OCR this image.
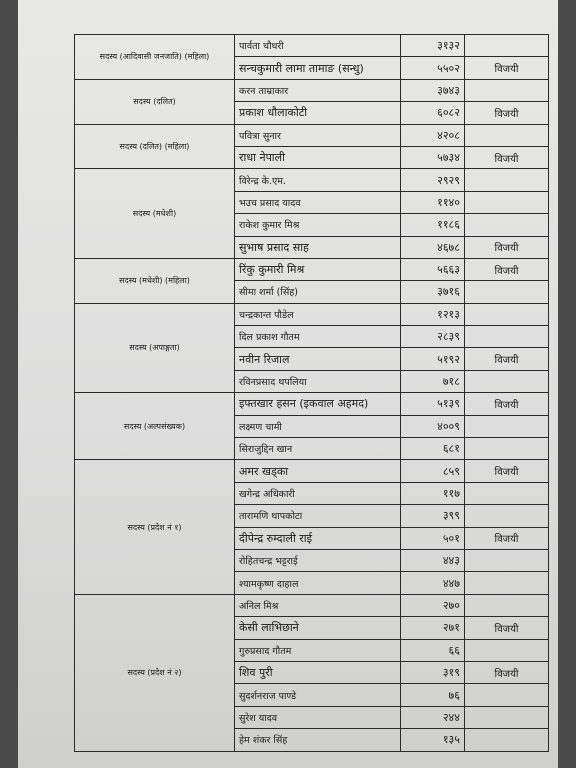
सदस्य (आदिवासी जनजाति) (महिला)	पार्वता चौधरी	३१३२	
	सन्चकुमारी लामा तामाङ (सन्धु)	५५०२	विजयी
सदस्य (दलित)	करन ताम्राकार	३७४३	
	प्रकाश धौलाकोटी	६०८२	विजयी
सदस्य (दलित) (महिला)	पवित्रा सुनार	४२०८	
	राधा नेपाली	५७३४	विजयी
सदस्य (मधेशी)	विरेन्द्र के.एम.	२९२९	
	भउच प्रसाद यादव	११४०	
	राकेश कुमार मिश्र	११८६	
	सुभाष प्रसाद साह	४६७८	विजयी
सदस्य (मधेशी) (महिला)	रिंकु कुमारी मिश्र	५६६३	विजयी
	सीमा शर्मा (सिंह)	३७१६	
सदस्य (अपाङ्गता)	चन्द्रकान्त पौडेल	१२१३	
	दिल प्रकाश गौतम	२८३९	
	नवीन रिजाल	५१९२	विजयी
	रविनप्रसाद थपलिया	७१८	
सदस्य (अल्पसंख्यक)	इफ्तखार हसन (इकवाल अहमद)	५१३९	विजयी
	लक्ष्मण चामी	४००९	
	सिराजुद्दिन खान	६८१	
सदस्य (प्रदेश नं १)	अमर खड्का	८५९	विजयी
	खगेन्द्र अधिकारी	११७	
	तारामणि थापकोटा	३९९	
	दीपेन्द्र रुम्दाली राई	५०१	विजयी
	रोहितचन्द्र भट्टराई	४४३	
	श्यामकृष्ण दाहाल	४४७	
सदस्य (प्रदेश नं २)	अनिल मिश्र	२७०	
	केसी लाभिछाने	२७१	विजयी
	गुरुप्रसाद गौतम	६६	
	शिव पुरी	३१९	विजयी
	सुदर्शनराज पाण्डे	७६	
	सुरेश यादव	२४४	
	हेम शंकर सिंह	१३५	
